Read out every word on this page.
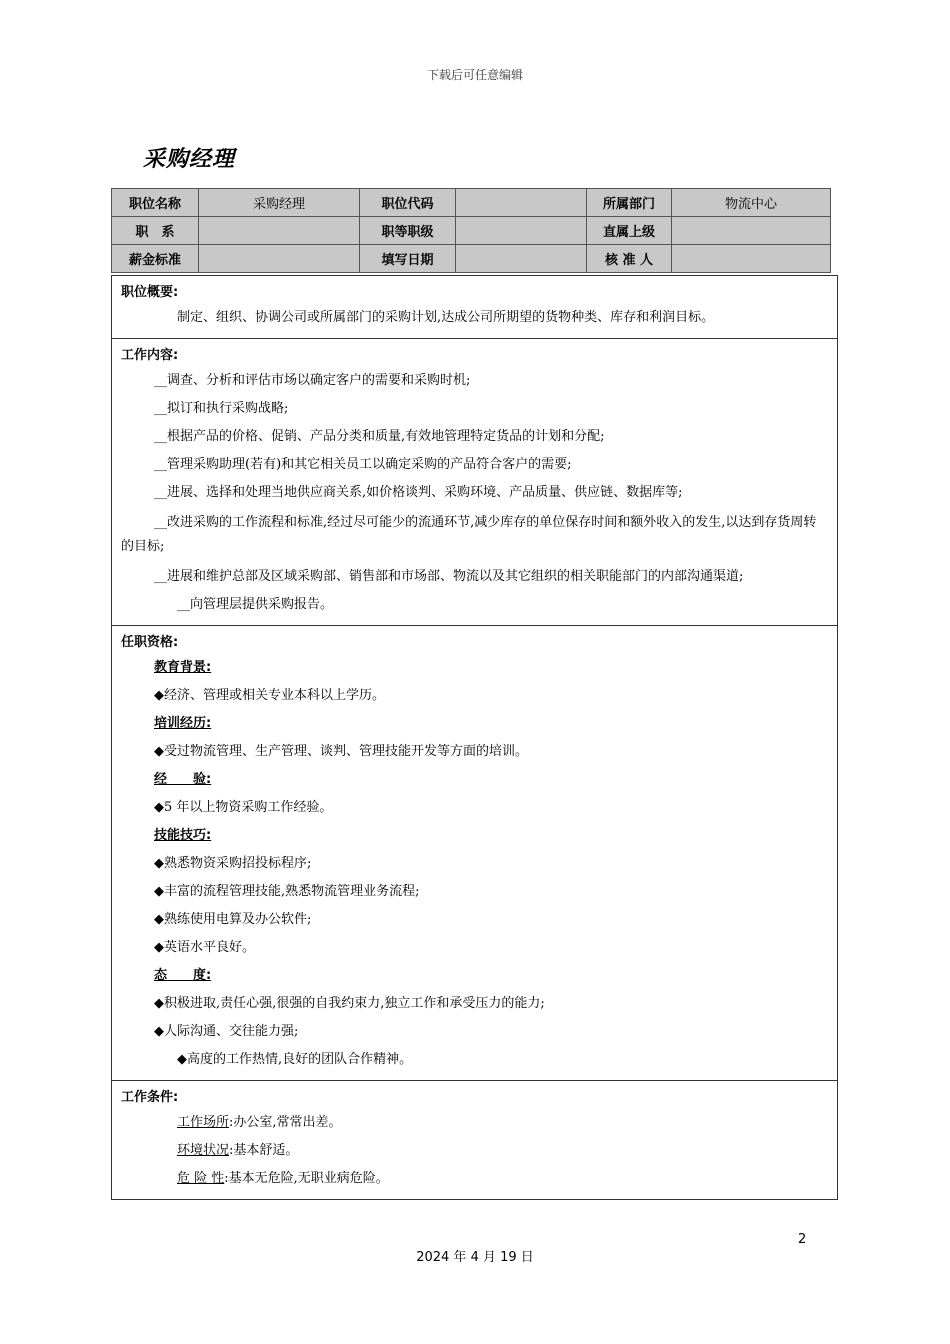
下载后可任意编辑
采购经理
职位名称	采购经理	职位代码		所属部门	物流中心
职　系		职等职级		直属上级	
薪金标准		填写日期		核 准 人	
职位概要:
制定、组织、协调公司或所属部门的采购计划,达成公司所期望的货物种类、库存和利润目标。
工作内容:
__调查、分析和评估市场以确定客户的需要和采购时机;
__拟订和执行采购战略;
__根据产品的价格、促销、产品分类和质量,有效地管理特定货品的计划和分配;
__管理采购助理(若有)和其它相关员工以确定采购的产品符合客户的需要;
__进展、选择和处理当地供应商关系,如价格谈判、采购环境、产品质量、供应链、数据库等;
__改进采购的工作流程和标准,经过尽可能少的流通环节,减少库存的单位保存时间和额外收入的发生,以达到存货周转的目标;
__进展和维护总部及区域采购部、销售部和市场部、物流以及其它组织的相关职能部门的内部沟通渠道;
__向管理层提供采购报告。
任职资格:
教育背景:
◆经济、管理或相关专业本科以上学历。
培训经历:
◆受过物流管理、生产管理、谈判、管理技能开发等方面的培训。
经　　验:
◆5 年以上物资采购工作经验。
技能技巧:
◆熟悉物资采购招投标程序;
◆丰富的流程管理技能,熟悉物流管理业务流程;
◆熟练使用电算及办公软件;
◆英语水平良好。
态　　度:
◆积极进取,责任心强,很强的自我约束力,独立工作和承受压力的能力;
◆人际沟通、交往能力强;
◆高度的工作热情,良好的团队合作精神。
工作条件:
工作场所:办公室,常常出差。
环境状况:基本舒适。
危 险 性:基本无危险,无职业病危险。
2
2024 年 4 月 19 日
